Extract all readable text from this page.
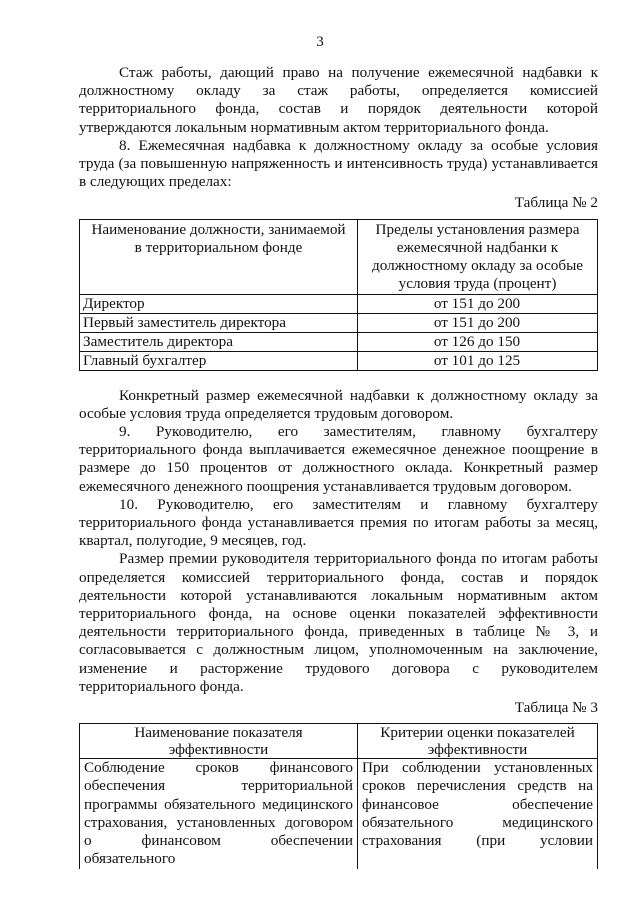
3

Стаж работы, дающий право на получение ежемесячной надбавки к должностному окладу за стаж работы, определяется комиссией территориального фонда, состав и порядок деятельности которой утверждаются локальным нормативным актом территориального фонда.

8. Ежемесячная надбавка к должностному окладу за особые условия труда (за повышенную напряженность и интенсивность труда) устанавливается в следующих пределах:

Таблица № 2
Наименование должности, занимаемой в территориальном фонде	Пределы установления размера ежемесячной надбанки к должностному окладу за особые условия труда (процент)
Директор	от 151 до 200
Первый заместитель директора	от 151 до 200
Заместитель директора	от 126 до 150
Главный бухгалтер	от 101 до 125

Конкретный размер ежемесячной надбавки к должностному окладу за особые условия труда определяется трудовым договором.

9. Руководителю, его заместителям, главному бухгалтеру территориального фонда выплачивается ежемесячное денежное поощрение в размере до 150 процентов от должностного оклада. Конкретный размер ежемесячного денежного поощрения устанавливается трудовым договором.

10. Руководителю, его заместителям и главному бухгалтеру территориального фонда устанавливается премия по итогам работы за месяц, квартал, полугодие, 9 месяцев, год.

Размер премии руководителя территориального фонда по итогам работы определяется комиссией территориального фонда, состав и порядок деятельности которой устанавливаются локальным нормативным актом территориального фонда, на основе оценки показателей эффективности деятельности территориального фонда, приведенных в таблице № 3, и согласовывается с должностным лицом, уполномоченным на заключение, изменение и расторжение трудового договора с руководителем территориального фонда.

Таблица № 3
Наименование показателя эффективности	Критерии оценки показателей эффективности
Соблюдение сроков финансового обеспечения территориальной программы обязательного медицинского страхования, установленных договором о финансовом обеспечении обязательного	При соблюдении установленных сроков перечисления средств на финансовое обеспечение обязательного медицинского страхования (при условии
